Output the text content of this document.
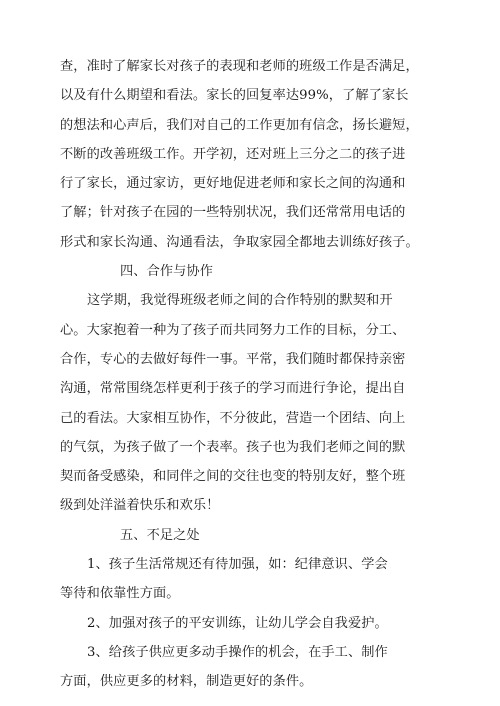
查，准时了解家长对孩子的表现和老师的班级工作是否满足，
以及有什么期望和看法。家长的回复率达99%，了解了家长
的想法和心声后，我们对自己的工作更加有信念，扬长避短，
不断的改善班级工作。开学初，还对班上三分之二的孩子进
行了家长，通过家访，更好地促进老师和家长之间的沟通和
了解；针对孩子在园的一些特别状况，我们还常常用电话的
形式和家长沟通、沟通看法，争取家园全都地去训练好孩子。
四、合作与协作
这学期，我觉得班级老师之间的合作特别的默契和开
心。大家抱着一种为了孩子而共同努力工作的目标，分工、
合作，专心的去做好每件一事。平常，我们随时都保持亲密
沟通，常常围绕怎样更利于孩子的学习而进行争论，提出自
己的看法。大家相互协作，不分彼此，营造一个团结、向上
的气氛，为孩子做了一个表率。孩子也为我们老师之间的默
契而备受感染，和同伴之间的交往也变的特别友好，整个班
级到处洋溢着快乐和欢乐！
五、不足之处
1、孩子生活常规还有待加强，如：纪律意识、学会
等待和依靠性方面。
2、加强对孩子的平安训练，让幼儿学会自我爱护。
3、给孩子供应更多动手操作的机会，在手工、制作
方面，供应更多的材料，制造更好的条件。
